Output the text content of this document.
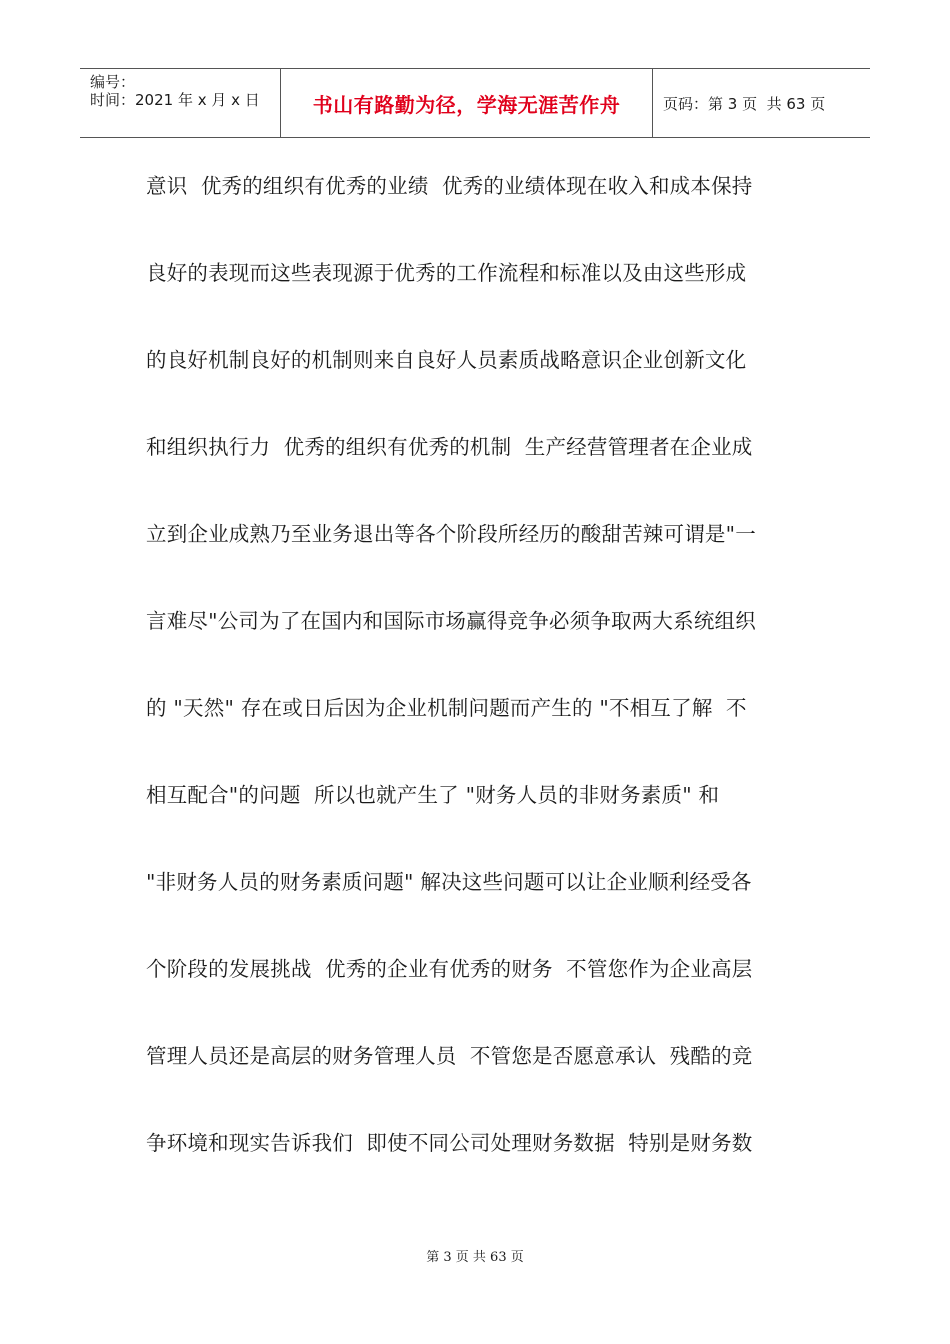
编号：
时间：2021 年 x 月 x 日	书山有路勤为径，学海无涯苦作舟	页码：第 3 页  共 63 页
意识  优秀的组织有优秀的业绩  优秀的业绩体现在收入和成本保持
良好的表现而这些表现源于优秀的工作流程和标准以及由这些形成
的良好机制良好的机制则来自良好人员素质战略意识企业创新文化
和组织执行力  优秀的组织有优秀的机制  生产经营管理者在企业成
立到企业成熟乃至业务退出等各个阶段所经历的酸甜苦辣可谓是"一
言难尽"公司为了在国内和国际市场赢得竞争必须争取两大系统组织
的 "天然" 存在或日后因为企业机制问题而产生的 "不相互了解  不
相互配合"的问题  所以也就产生了 "财务人员的非财务素质" 和
"非财务人员的财务素质问题" 解决这些问题可以让企业顺利经受各
个阶段的发展挑战  优秀的企业有优秀的财务  不管您作为企业高层
管理人员还是高层的财务管理人员  不管您是否愿意承认  残酷的竞
争环境和现实告诉我们  即使不同公司处理财务数据  特别是财务数
第 3 页 共 63 页
